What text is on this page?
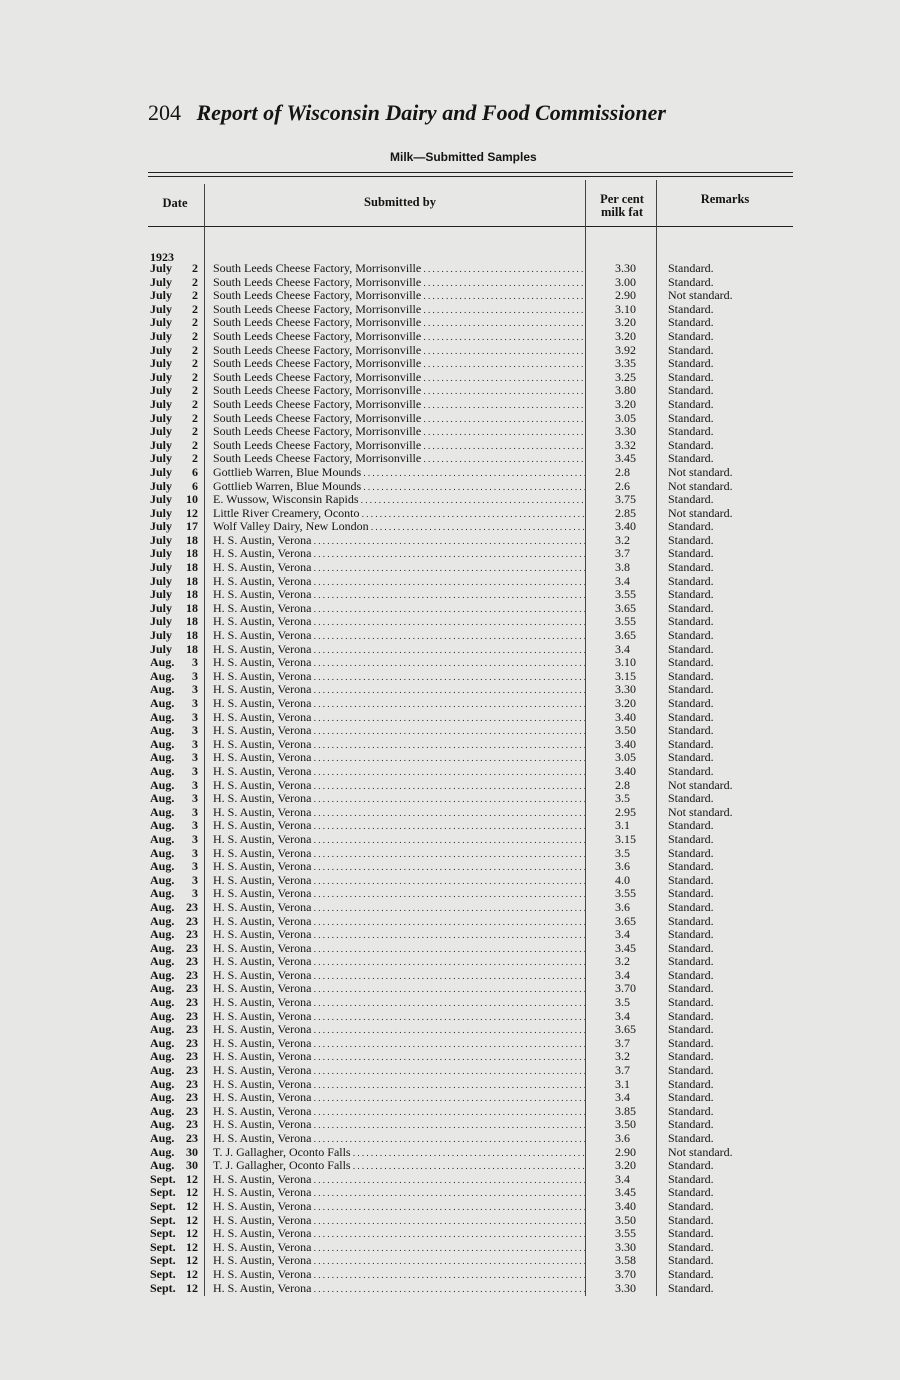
204 Report of Wisconsin Dairy and Food Commissioner
Milk—Submitted Samples
Date	Submitted by	Per cent milk fat
Remarks
1923
July	2 South Leeds Cheese Factory, Morrisonville . . .	3.30	Standard.
July	2 South Leeds Cheese Factory, Morrisonville . . .	3.00	Standard.
July	2 South Leeds Cheese Factory, Morrisonville . . .	2.90	Not standard.
July	2 South Leeds Cheese Factory, Morrisonville . . .	3.10	Standard.
July	2 South Leeds Cheese Factory, Morrisonville . . .	3.20	Standard.
July	2 South Leeds Cheese Factory, Morrisonville . . .	3.20	Standard.
July	2 South Leeds Cheese Factory, Morrisonville . . .	3.92	Standard.
July	2 South Leeds Cheese Factory, Morrisonville . . .	3.35	Standard.
July	2 South Leeds Cheese Factory, Morrisonville . . .	3.25	Standard.
July	2 South Leeds Cheese Factory, Morrisonville . . .	3.80	Standard.
July	2 South Leeds Cheese Factory, Morrisonville . . .	3.20	Standard.
July	2 South Leeds Cheese Factory, Morrisonville . . .	3.05	Standard.
July	2 South Leeds Cheese Factory, Morrisonville . . .	3.30	Standard.
July	2 South Leeds Cheese Factory, Morrisonville . . .	3.32	Standard.
July	2 South Leeds Cheese Factory, Morrisonville . . .	3.45	Standard.
July	6 Gottlieb Warren, Blue Mounds . . .	2.8	Not standard.
July	6 Gottlieb Warren, Blue Mounds . . .	2.6	Not standard.
July	10 E. Wussow, Wisconsin Rapids . . .	3.75	Standard.
July	12 Little River Creamery, Oconto . . .	2.85	Not standard.
July	17 Wolf Valley Dairy, New London . . .	3.40	Standard.
July	18 H. S. Austin, Verona . . .	3.2	Standard.
July	18 H. S. Austin, Verona . . .	3.7	Standard.
July	18 H. S. Austin, Verona . . .	3.8	Standard.
July	18 H. S. Austin, Verona . . .	3.4	Standard.
July	18 H. S. Austin, Verona . . .	3.55	Standard.
July	18 H. S. Austin, Verona . . .	3.65	Standard.
July	18 H. S. Austin, Verona . . .	3.55	Standard.
July	18 H. S. Austin, Verona . . .	3.65	Standard.
July	18 H. S. Austin, Verona . . .	3.4	Standard.
Aug.	3 H. S. Austin, Verona . . .	3.10	Standard.
Aug.	3 H. S. Austin, Verona . . .	3.15	Standard.
Aug.	3 H. S. Austin, Verona . . .	3.30	Standard.
Aug.	3 H. S. Austin, Verona . . .	3.20	Standard.
Aug.	3 H. S. Austin, Verona . . .	3.40	Standard.
Aug.	3 H. S. Austin, Verona . . .	3.50	Standard.
Aug.	3 H. S. Austin, Verona . . .	3.40	Standard.
Aug.	3 H. S. Austin, Verona . . .	3.05	Standard.
Aug.	3 H. S. Austin, Verona . . .	3.40	Standard.
Aug.	3 H. S. Austin, Verona . . .	2.8	Not standard.
Aug.	3 H. S. Austin, Verona . . .	3.5	Standard.
Aug.	3 H. S. Austin, Verona . . .	2.95	Not standard.
Aug.	3 H. S. Austin, Verona . . .	3.1	Standard.
Aug.	3 H. S. Austin, Verona . . .	3.15	Standard.
Aug.	3 H. S. Austin, Verona . . .	3.5	Standard.
Aug.	3 H. S. Austin, Verona . . .	3.6	Standard.
Aug.	3 H. S. Austin, Verona . . .	4.0	Standard.
Aug.	3 H. S. Austin, Verona . . .	3.55	Standard.
Aug. 23 H. S. Austin, Verona . . .	3.6	Standard.
Aug. 23 H. S. Austin, Verona . . .	3.65	Standard.
Aug. 23 H. S. Austin, Verona . . .	3.4	Standard.
Aug. 23 H. S. Austin, Verona . . .	3.45	Standard.
Aug. 23 H. S. Austin, Verona . . .	3.2	Standard.
Aug. 23 H. S. Austin, Verona . . .	3.4	Standard.
Aug. 23 H. S. Austin, Verona . . .	3.70	Standard.
Aug. 23 H. S. Austin, Verona . . .	3.5	Standard.
Aug. 23 H. S. Austin, Verona . . .	3.4	Standard.
Aug. 23 H. S. Austin, Verona . . .	3.65	Standard.
Aug. 23 H. S. Austin, Verona . . .	3.7	Standard.
Aug. 23 H. S. Austin, Verona . . .	3.2	Standard.
Aug. 23 H. S. Austin, Verona . . .	3.7	Standard.
Aug. 23 H. S. Austin, Verona . . .	3.1	Standard.
Aug. 23 H. S. Austin, Verona . . .	3.4	Standard.
Aug. 23 H. S. Austin, Verona . . .	3.85	Standard.
Aug. 23 H. S. Austin, Verona . . .	3.50	Standard.
Aug. 23 H. S. Austin, Verona . . .	3.6	Standard.
Aug. 30 T. J. Gallagher, Oconto Falls . . .	2.90	Not standard.
Aug. 30 T. J. Gallagher, Oconto Falls . . .	3.20	Standard.
Sept. 12 H. S. Austin, Verona . . .	3.4	Standard.
Sept. 12 H. S. Austin, Verona . . .	3.45	Standard.
Sept. 12 H. S. Austin, Verona . . .	3.40	Standard.
Sept. 12 H. S. Austin, Verona . . .	3.50	Standard.
Sept. 12 H. S. Austin, Verona . . .	3.55	Standard.
Sept. 12 H. S. Austin, Verona . . .	3.30	Standard.
Sept. 12 H. S. Austin, Verona . . .	3.58	Standard.
Sept. 12 H. S. Austin, Verona . . .	3.70	Standard.
Sept. 12 H. S. Austin, Verona . . .	3.30	Standard.
